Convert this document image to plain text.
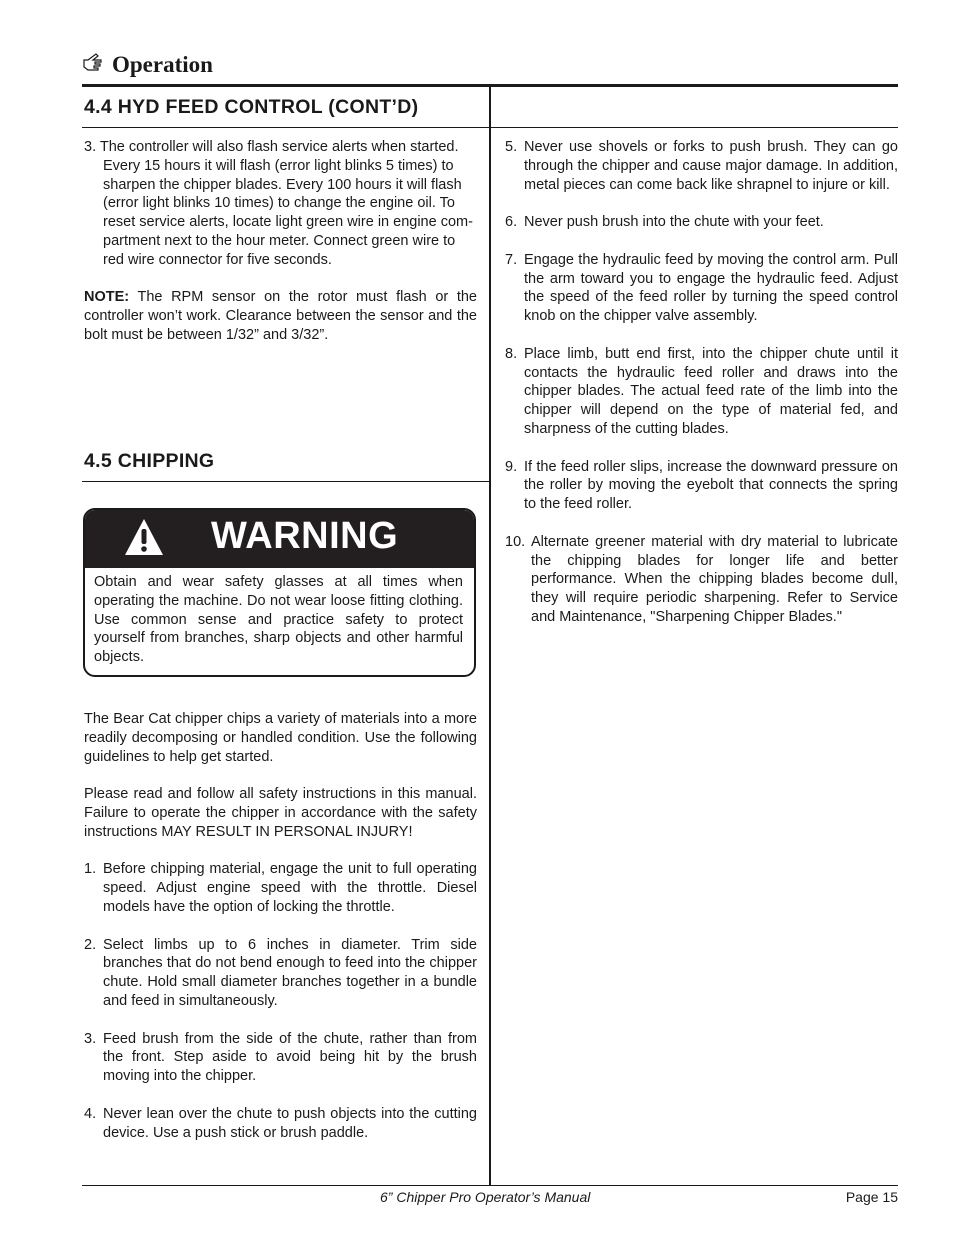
Operation
4.4 HYD FEED CONTROL (CONT’D)
3. The controller will also flash service alerts when started.
Every 15 hours it will flash (error light blinks 5 times) to
sharpen the chipper blades. Every 100 hours it will flash
(error light blinks 10 times) to change the engine oil. To
reset service alerts, locate light green wire in engine com-
partment next to the hour meter. Connect green wire to
red wire connector for five seconds.
NOTE: The RPM sensor on the rotor must flash or the controller won’t work. Clearance between the sensor and the bolt must be between 1/32” and 3/32”.
4.5 CHIPPING
WARNING
Obtain and wear safety glasses at all times when operating the machine. Do not wear loose fitting clothing. Use common sense and practice safety to protect yourself from branches, sharp objects and other harmful objects.

The Bear Cat chipper chips a variety of materials into a more readily decomposing or handled condition. Use the following guidelines to help get started.

Please read and follow all safety instructions in this manual. Failure to operate the chipper in accordance with the safety instructions MAY RESULT IN PERSONAL INJURY!

1. Before chipping material, engage the unit to full operating speed. Adjust engine speed with the throttle. Diesel models have the option of locking the throttle.
2. Select limbs up to 6 inches in diameter. Trim side branches that do not bend enough to feed into the chipper chute. Hold small diameter branches together in a bundle and feed in simultaneously.
3. Feed brush from the side of the chute, rather than from the front. Step aside to avoid being hit by the brush moving into the chipper.
4. Never lean over the chute to push objects into the cutting device. Use a push stick or brush paddle.
5. Never use shovels or forks to push brush. They can go through the chipper and cause major damage. In addition, metal pieces can come back like shrapnel to injure or kill.
6. Never push brush into the chute with your feet.
7. Engage the hydraulic feed by moving the control arm. Pull the arm toward you to engage the hydraulic feed. Adjust the speed of the feed roller by turning the speed control knob on the chipper valve assembly.
8. Place limb, butt end first, into the chipper chute until it contacts the hydraulic feed roller and draws into the chipper blades. The actual feed rate of the limb into the chipper will depend on the type of material fed, and sharpness of the cutting blades.
9. If the feed roller slips, increase the downward pressure on the roller by moving the eyebolt that connects the spring to the feed roller.
10. Alternate greener material with dry material to lubricate the chipping blades for longer life and better performance. When the chipping blades become dull, they will require periodic sharpening. Refer to Service and Maintenance, "Sharpening Chipper Blades."
6” Chipper Pro Operator’s Manual	Page 15
